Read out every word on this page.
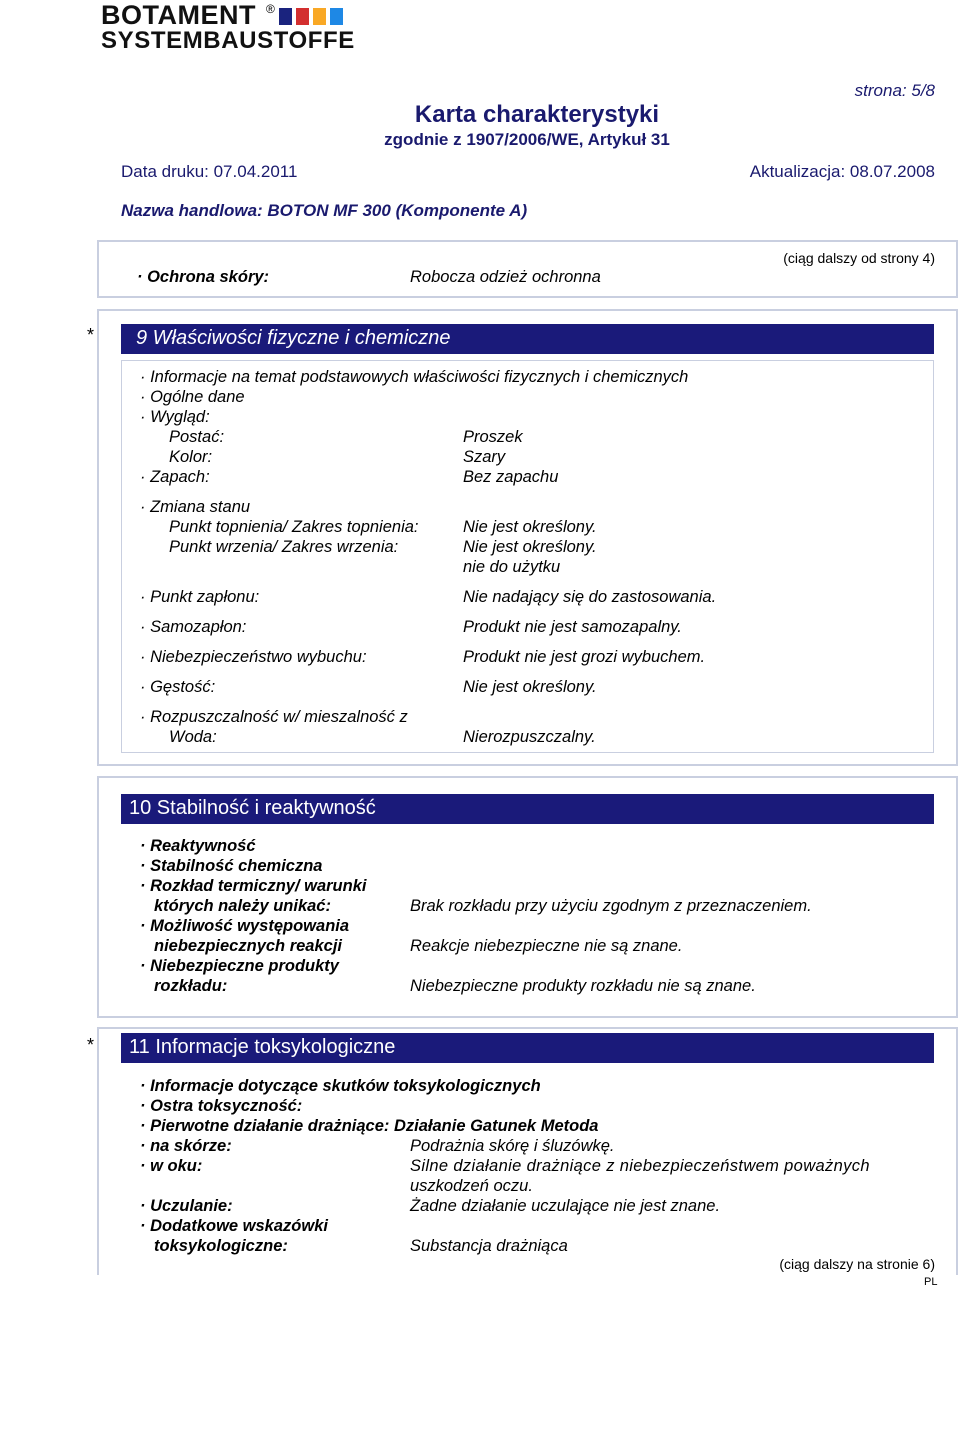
BOTAMENT ®
SYSTEMBAUSTOFFE
strona: 5/8
Karta charakterystyki
zgodnie z 1907/2006/WE, Artykuł 31
Data druku: 07.04.2011	Aktualizacja: 08.07.2008
Nazwa handlowa: BOTON MF 300 (Komponente A)
(ciąg dalszy od strony 4)
· Ochrona skóry:	Robocza odzież ochronna
*	9 Właściwości fizyczne i chemiczne
· Informacje na temat podstawowych właściwości fizycznych i chemicznych
· Ogólne dane
· Wygląd:
Postać:	Proszek
Kolor:	Szary
· Zapach:	Bez zapachu
· Zmiana stanu
Punkt topnienia/ Zakres topnienia:	Nie jest określony.
Punkt wrzenia/ Zakres wrzenia:	Nie jest określony.
nie do użytku
· Punkt zapłonu:	Nie nadający się do zastosowania.
· Samozapłon:	Produkt nie jest samozapalny.
· Niebezpieczeństwo wybuchu:	Produkt nie jest grozi wybuchem.
· Gęstość:	Nie jest określony.
· Rozpuszczalność w/ mieszalność z
Woda:	Nierozpuszczalny.
10 Stabilność i reaktywność
· Reaktywność
· Stabilność chemiczna
· Rozkład termiczny/ warunki
których należy unikać:	Brak rozkładu przy użyciu zgodnym z przeznaczeniem.
· Możliwość występowania
niebezpiecznych reakcji	Reakcje niebezpieczne nie są znane.
· Niebezpieczne produkty
rozkładu:	Niebezpieczne produkty rozkładu nie są znane.
*	11 Informacje toksykologiczne
· Informacje dotyczące skutków toksykologicznych
· Ostra toksyczność:
· Pierwotne działanie drażniące: Działanie Gatunek Metoda
· na skórze:	Podrażnia skórę i śluzówkę.
· w oku:	Silne działanie drażniące z niebezpieczeństwem poważnych
uszkodzeń oczu.
· Uczulanie:	Żadne działanie uczulające nie jest znane.
· Dodatkowe wskazówki
toksykologiczne:	Substancja drażniąca
(ciąg dalszy na stronie 6)
PL
